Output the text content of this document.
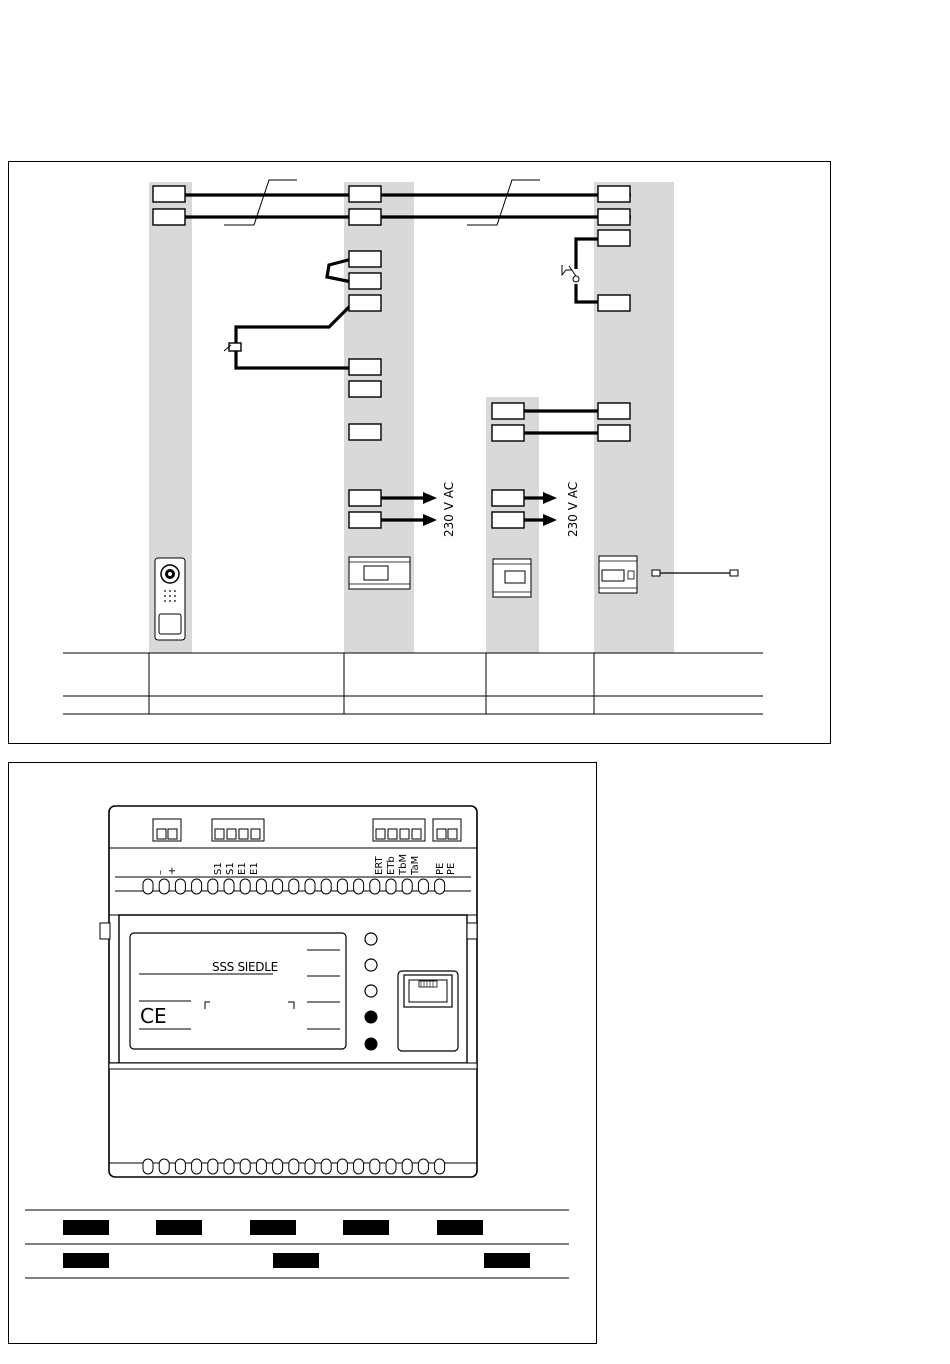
230 V AC	230 V AC
– +	S1 S1 E1 E1	ERT ETb TbM TaM PE PE
SSS SIEDLE
CE
